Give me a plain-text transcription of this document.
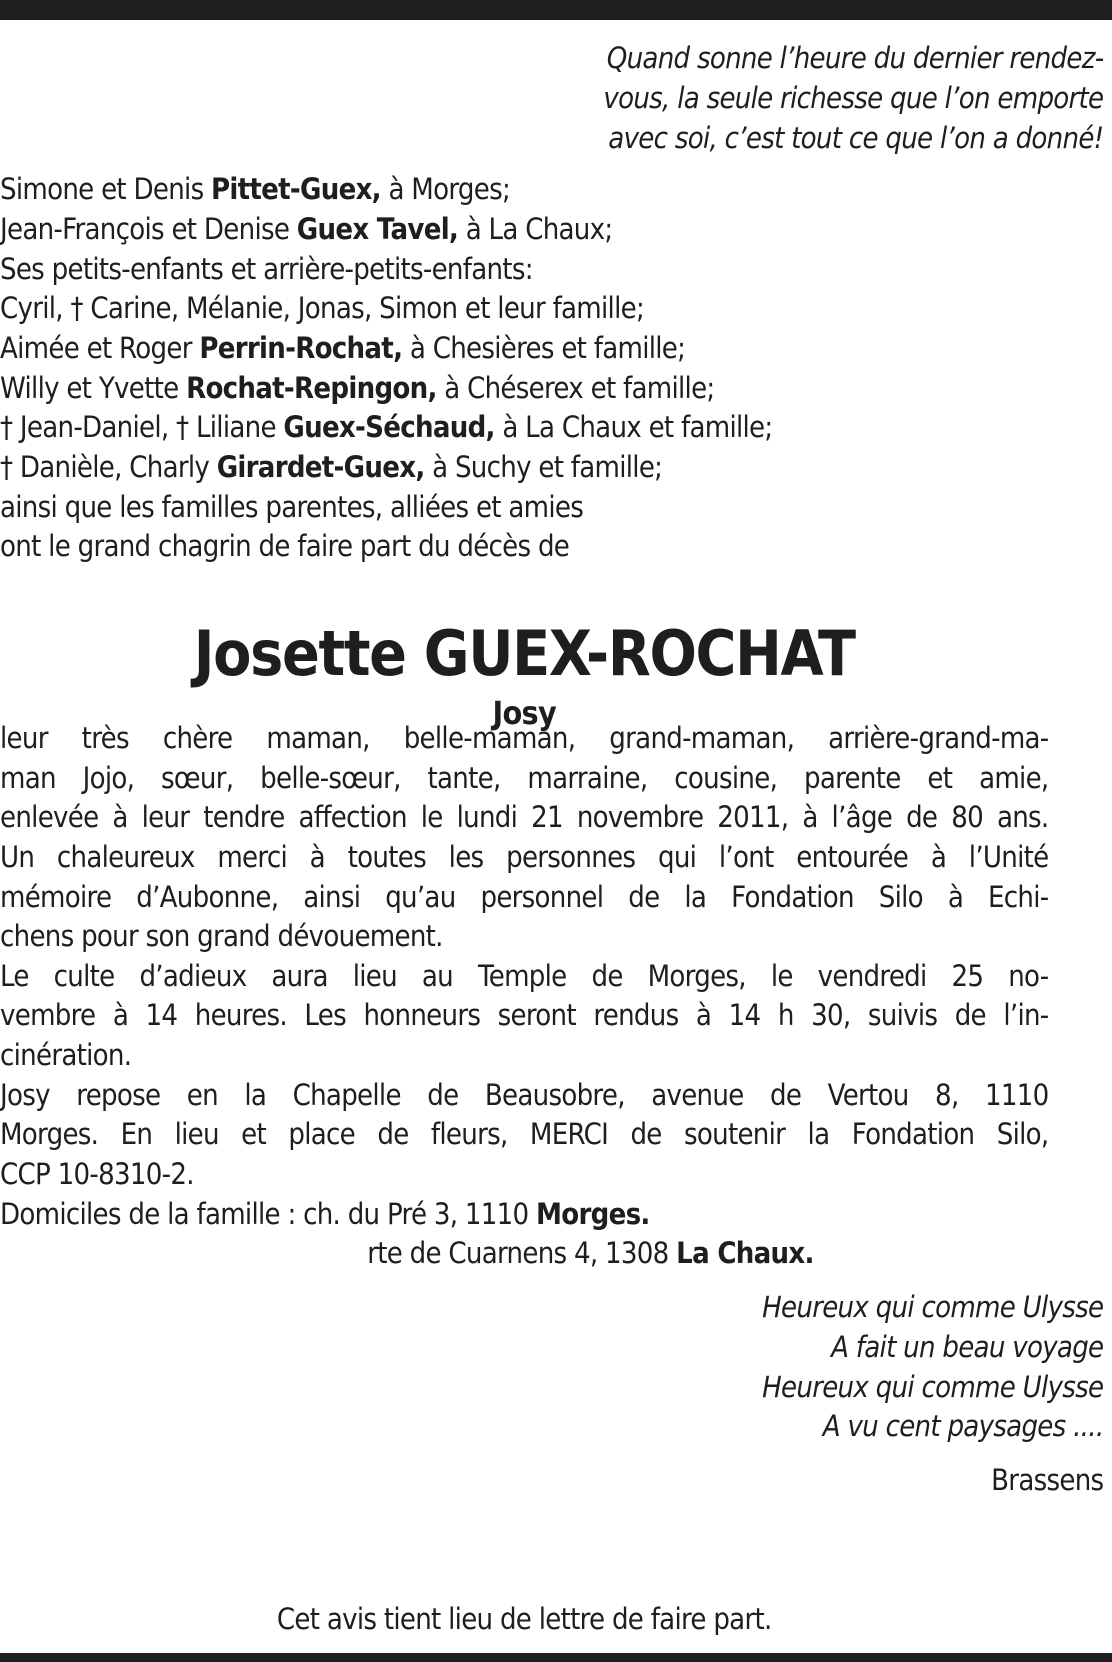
Quand sonne l’heure du dernier rendez-
vous, la seule richesse que l’on emporte
avec soi, c’est tout ce que l’on a donné!
Simone et Denis Pittet-Guex, à Morges;
Jean-François et Denise Guex Tavel, à La Chaux;
Ses petits-enfants et arrière-petits-enfants:
Cyril, † Carine, Mélanie, Jonas, Simon et leur famille;
Aimée et Roger Perrin-Rochat, à Chesières et famille;
Willy et Yvette Rochat-Repingon, à Chéserex et famille;
† Jean-Daniel, † Liliane Guex-Séchaud, à La Chaux et famille;
† Danièle, Charly Girardet-Guex, à Suchy et famille;
ainsi que les familles parentes, alliées et amies
ont le grand chagrin de faire part du décès de
Josette GUEX-ROCHAT
Josy
leur très chère maman, belle-maman, grand-maman, arrière-grand-ma-
man Jojo, sœur, belle-sœur, tante, marraine, cousine, parente et amie,
enlevée à leur tendre affection le lundi 21 novembre 2011, à l’âge de 80 ans.
Un chaleureux merci à toutes les personnes qui l’ont entourée à l’Unité
mémoire d’Aubonne, ainsi qu’au personnel de la Fondation Silo à Echi-
chens pour son grand dévouement.
Le culte d’adieux aura lieu au Temple de Morges, le vendredi 25 no-
vembre à 14 heures. Les honneurs seront rendus à 14 h 30, suivis de l’in-
cinération.
Josy repose en la Chapelle de Beausobre, avenue de Vertou 8, 1110
Morges. En lieu et place de fleurs, MERCI de soutenir la Fondation Silo,
CCP 10-8310-2.
Domiciles de la famille : ch. du Pré 3, 1110 Morges.
rte de Cuarnens 4, 1308 La Chaux.
Heureux qui comme Ulysse
A fait un beau voyage
Heureux qui comme Ulysse
A vu cent paysages ....
Brassens
Cet avis tient lieu de lettre de faire part.
